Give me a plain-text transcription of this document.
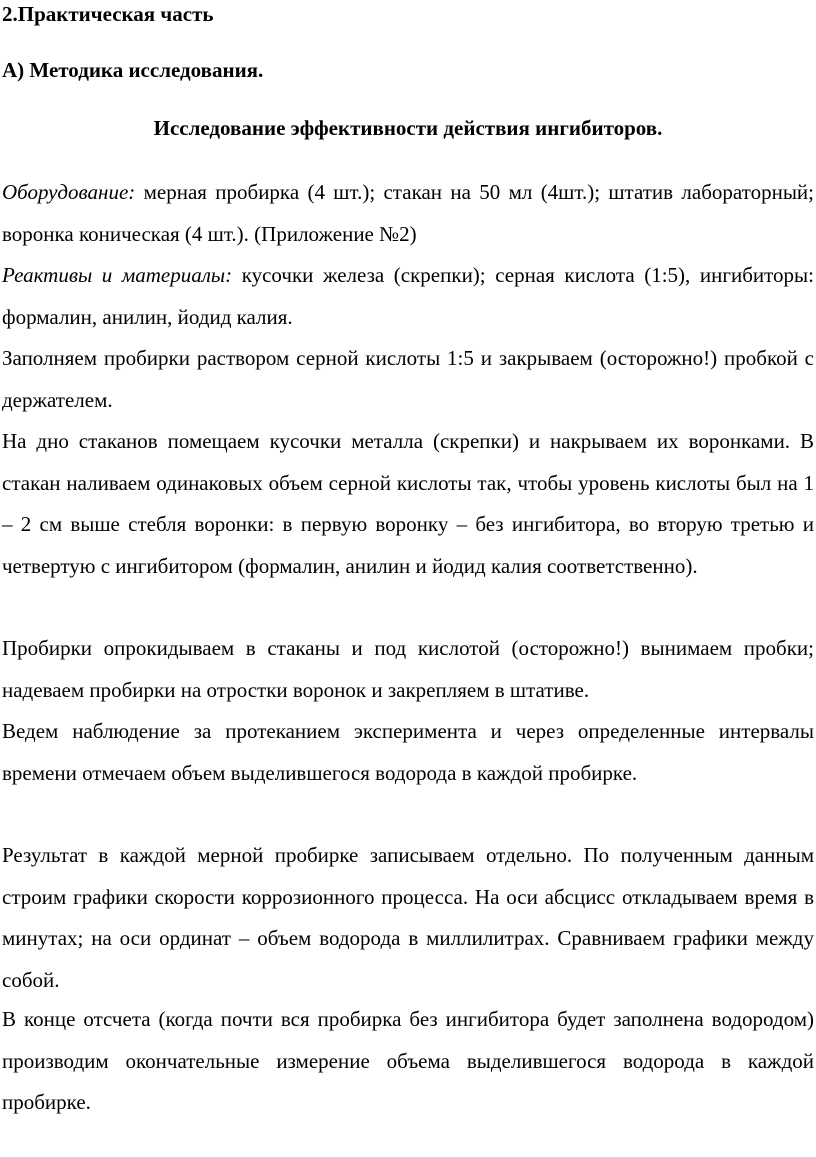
2.Практическая часть
А) Методика исследования.
Исследование эффективности действия ингибиторов.
Оборудование: мерная пробирка (4 шт.); стакан на 50 мл (4шт.); штатив лабораторный; воронка коническая (4 шт.). (Приложение №2)
Реактивы и материалы: кусочки железа (скрепки); серная кислота (1:5), ингибиторы: формалин, анилин, йодид калия.
Заполняем пробирки раствором серной кислоты 1:5 и закрываем (осторожно!) пробкой с держателем.
На дно стаканов помещаем кусочки металла (скрепки) и накрываем их воронками. В стакан наливаем одинаковых объем серной кислоты так, чтобы уровень кислоты был на 1 – 2 см выше стебля воронки: в первую воронку – без ингибитора, во вторую третью и четвертую с ингибитором (формалин, анилин и йодид калия соответственно).
Пробирки опрокидываем в стаканы и под кислотой (осторожно!) вынимаем пробки; надеваем пробирки на отростки воронок и закрепляем в штативе.
Ведем наблюдение за протеканием эксперимента и через определенные интервалы времени отмечаем объем выделившегося водорода в каждой пробирке.
Результат в каждой мерной пробирке записываем отдельно. По полученным данным строим графики скорости коррозионного процесса. На оси абсцисс откладываем время в минутах; на оси ординат – объем водорода в миллилитрах. Сравниваем графики между собой.
В конце отсчета (когда почти вся пробирка без ингибитора будет заполнена водородом) производим окончательные измерение объема выделившегося водорода в каждой пробирке.
